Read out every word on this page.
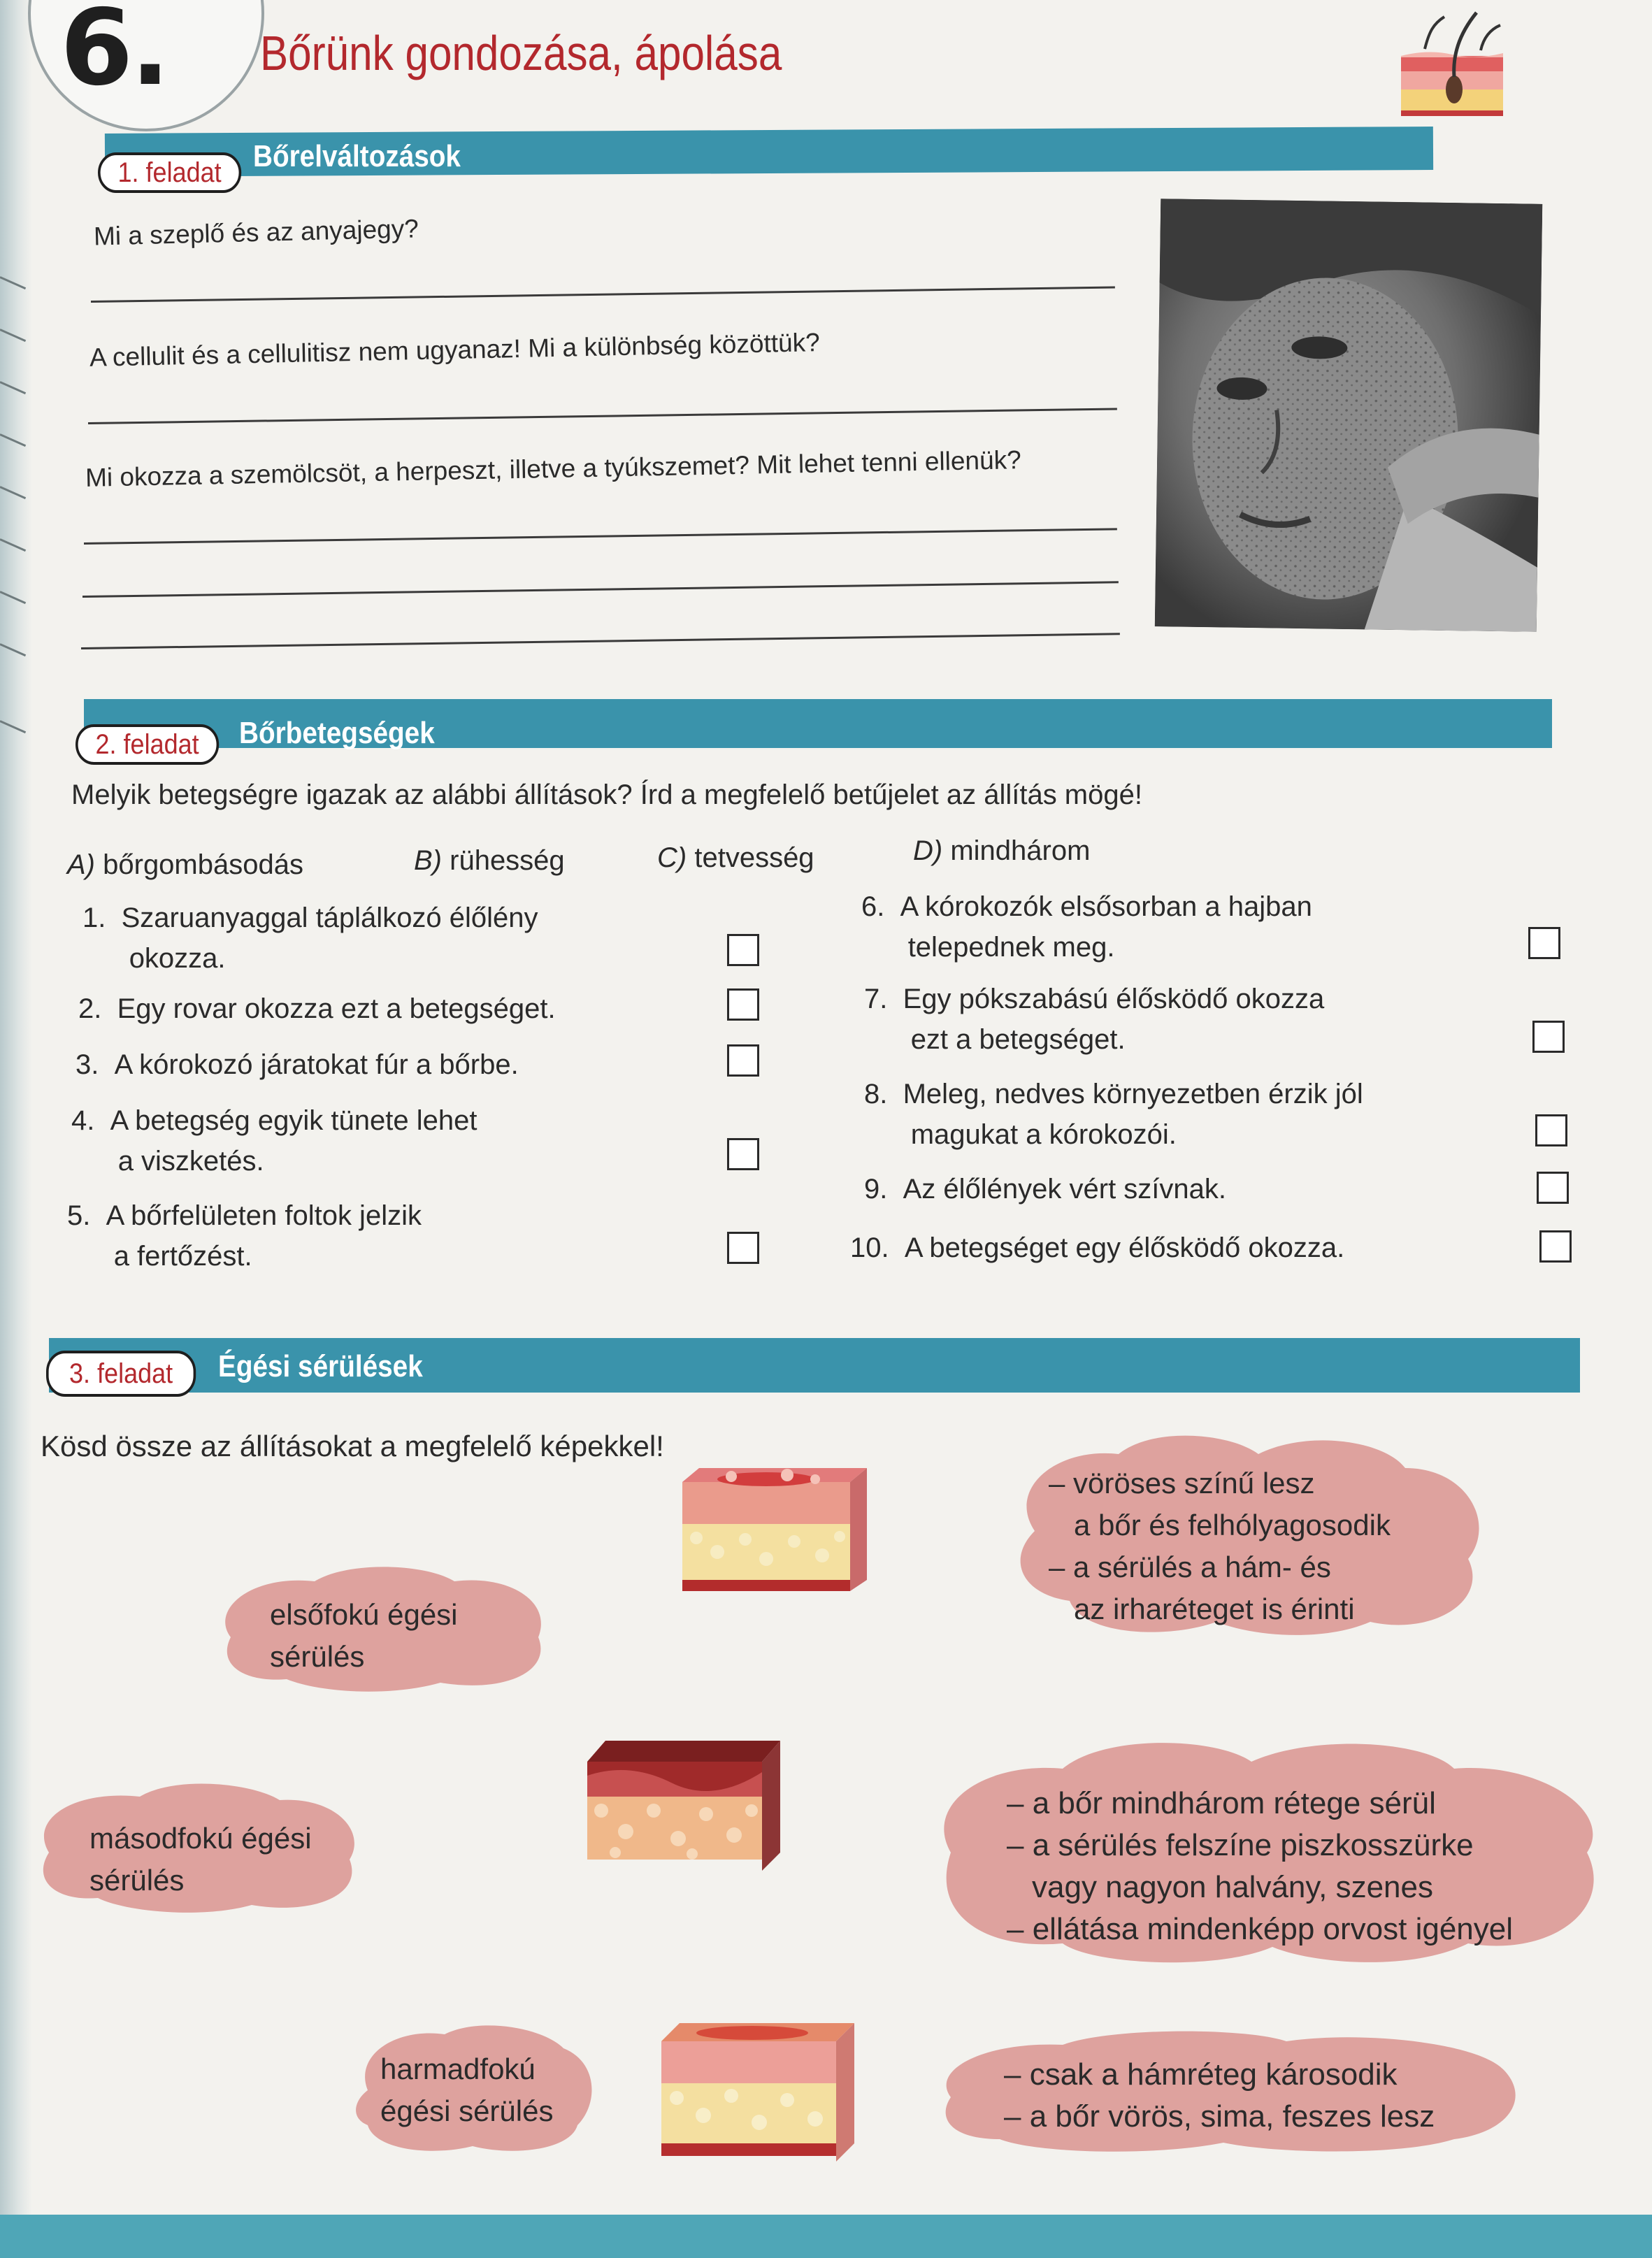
6. Bőrünk gondozása, ápolása
1. feladat	Bőrelváltozások
Mi a szeplő és az anyajegy?
A cellulit és a cellulitisz nem ugyanaz! Mi a különbség közöttük?
Mi okozza a szemölcsöt, a herpeszt, illetve a tyúkszemet? Mit lehet tenni ellenük?
2. feladat	Bőrbetegségek
Melyik betegségre igazak az alábbi állítások? Írd a megfelelő betűjelet az állítás mögé!
A) bőrgombásodás	B) rühesség	C) tetvesség	D) mindhárom
1. Szaruanyaggal táplálkozó élőlény
okozza.
2. Egy rovar okozza ezt a betegséget.
3. A kórokozó járatokat fúr a bőrbe.
4. A betegség egyik tünete lehet
a viszketés.
5. A bőrfelületen foltok jelzik
a fertőzést.
6. A kórokozók elsősorban a hajban
telepednek meg.
7. Egy pókszabású élősködő okozza
ezt a betegséget.
8. Meleg, nedves környezetben érzik jól
magukat a kórokozói.
9. Az élőlények vért szívnak.
10. A betegséget egy élősködő okozza.
3. feladat	Égési sérülések
Kösd össze az állításokat a megfelelő képekkel!
– vöröses színű lesz
a bőr és felhólyagosodik
– a sérülés a hám- és
az irharéteget is érinti
elsőfokú égési
sérülés
másodfokú égési
sérülés
harmadfokú
égési sérülés
– a bőr mindhárom rétege sérül
– a sérülés felszíne piszkosszürke
vagy nagyon halvány, szenes
– ellátása mindenképp orvost igényel
– csak a hámréteg károsodik
– a bőr vörös, sima, feszes lesz
